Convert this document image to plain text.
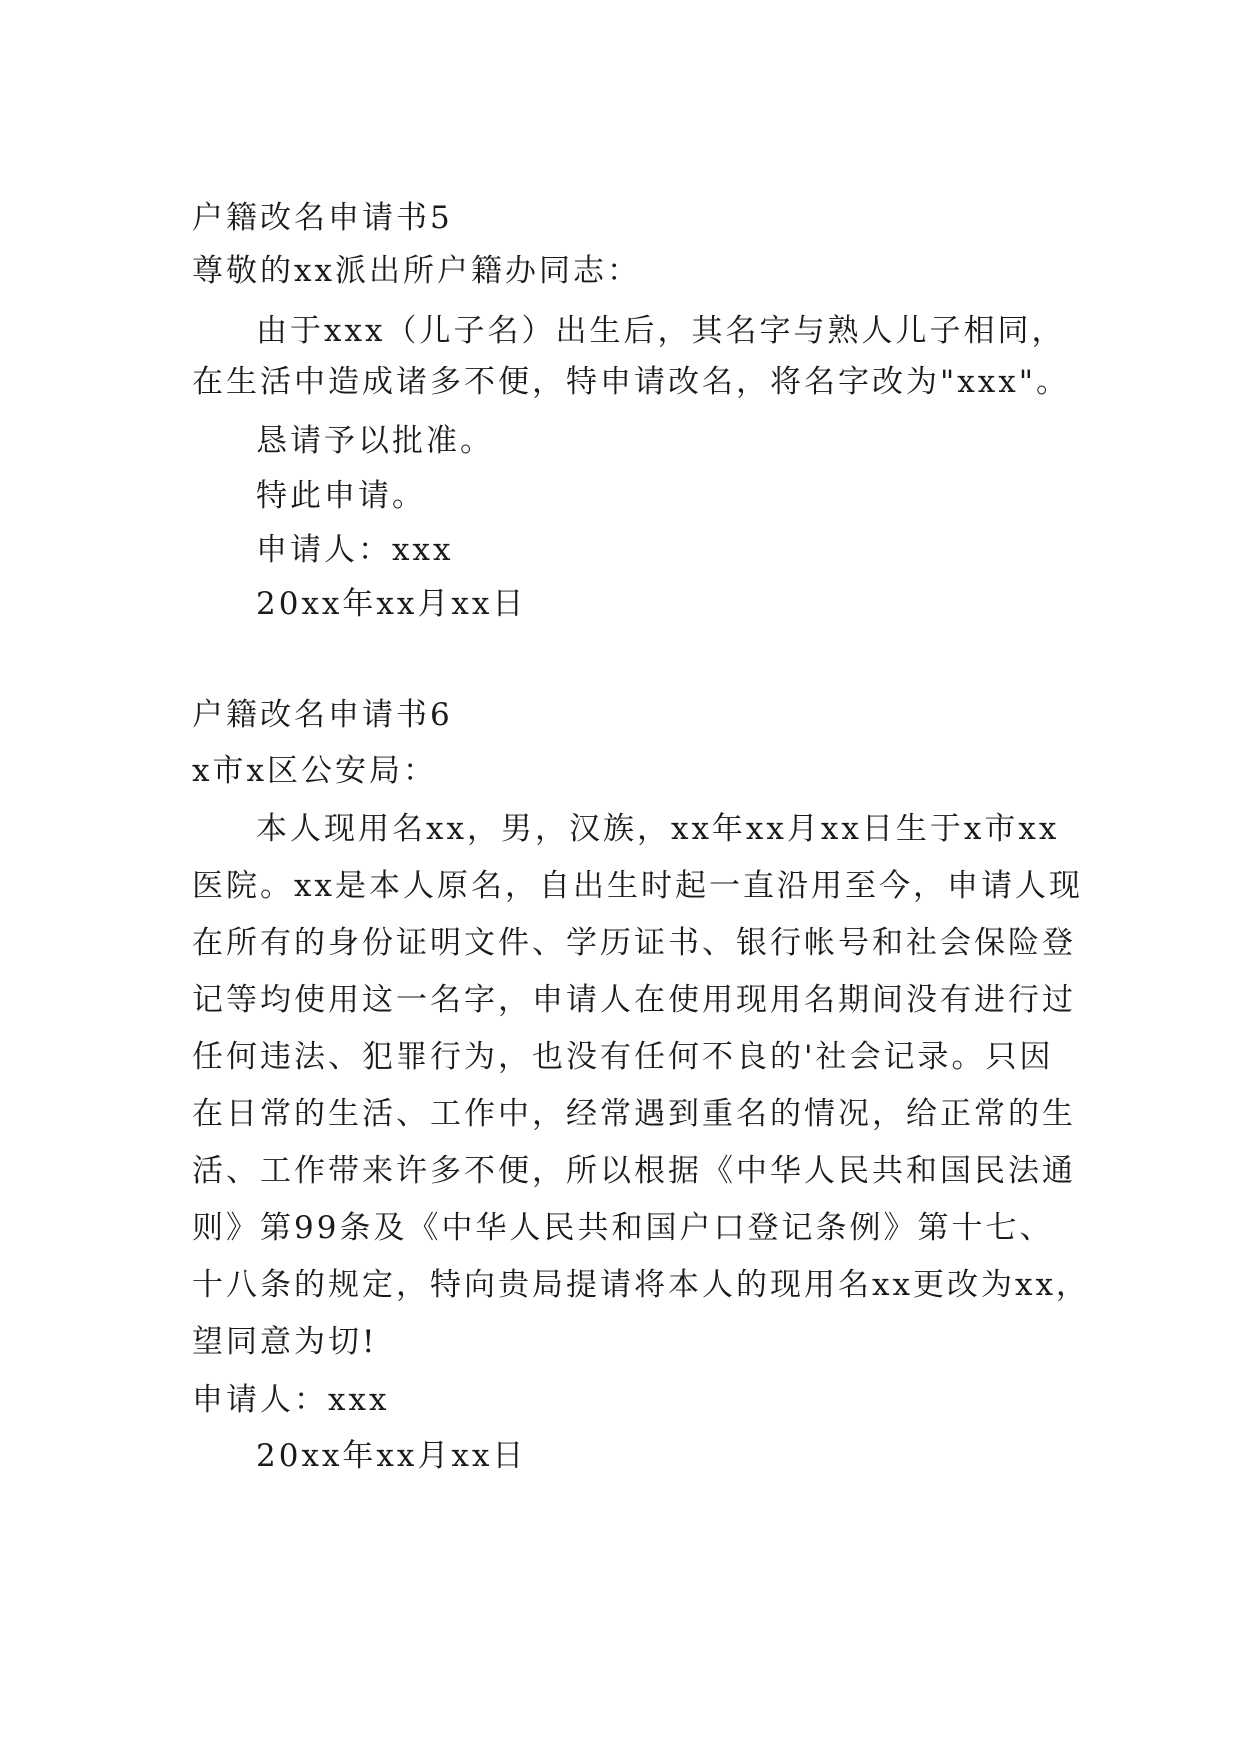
户籍改名申请书5
尊敬的xx派出所户籍办同志：
由于xxx（儿子名）出生后，其名字与熟人儿子相同，
在生活中造成诸多不便，特申请改名，将名字改为"xxx"。
恳请予以批准。
特此申请。
申请人：xxx
20xx年xx月xx日
户籍改名申请书6
x市x区公安局：
本人现用名xx，男，汉族，xx年xx月xx日生于x市xx
医院。xx是本人原名，自出生时起一直沿用至今，申请人现
在所有的身份证明文件、学历证书、银行帐号和社会保险登
记等均使用这一名字，申请人在使用现用名期间没有进行过
任何违法、犯罪行为，也没有任何不良的'社会记录。只因
在日常的生活、工作中，经常遇到重名的情况，给正常的生
活、工作带来许多不便，所以根据《中华人民共和国民法通
则》第99条及《中华人民共和国户口登记条例》第十七、
十八条的规定，特向贵局提请将本人的现用名xx更改为xx，
望同意为切!
申请人：xxx
20xx年xx月xx日
